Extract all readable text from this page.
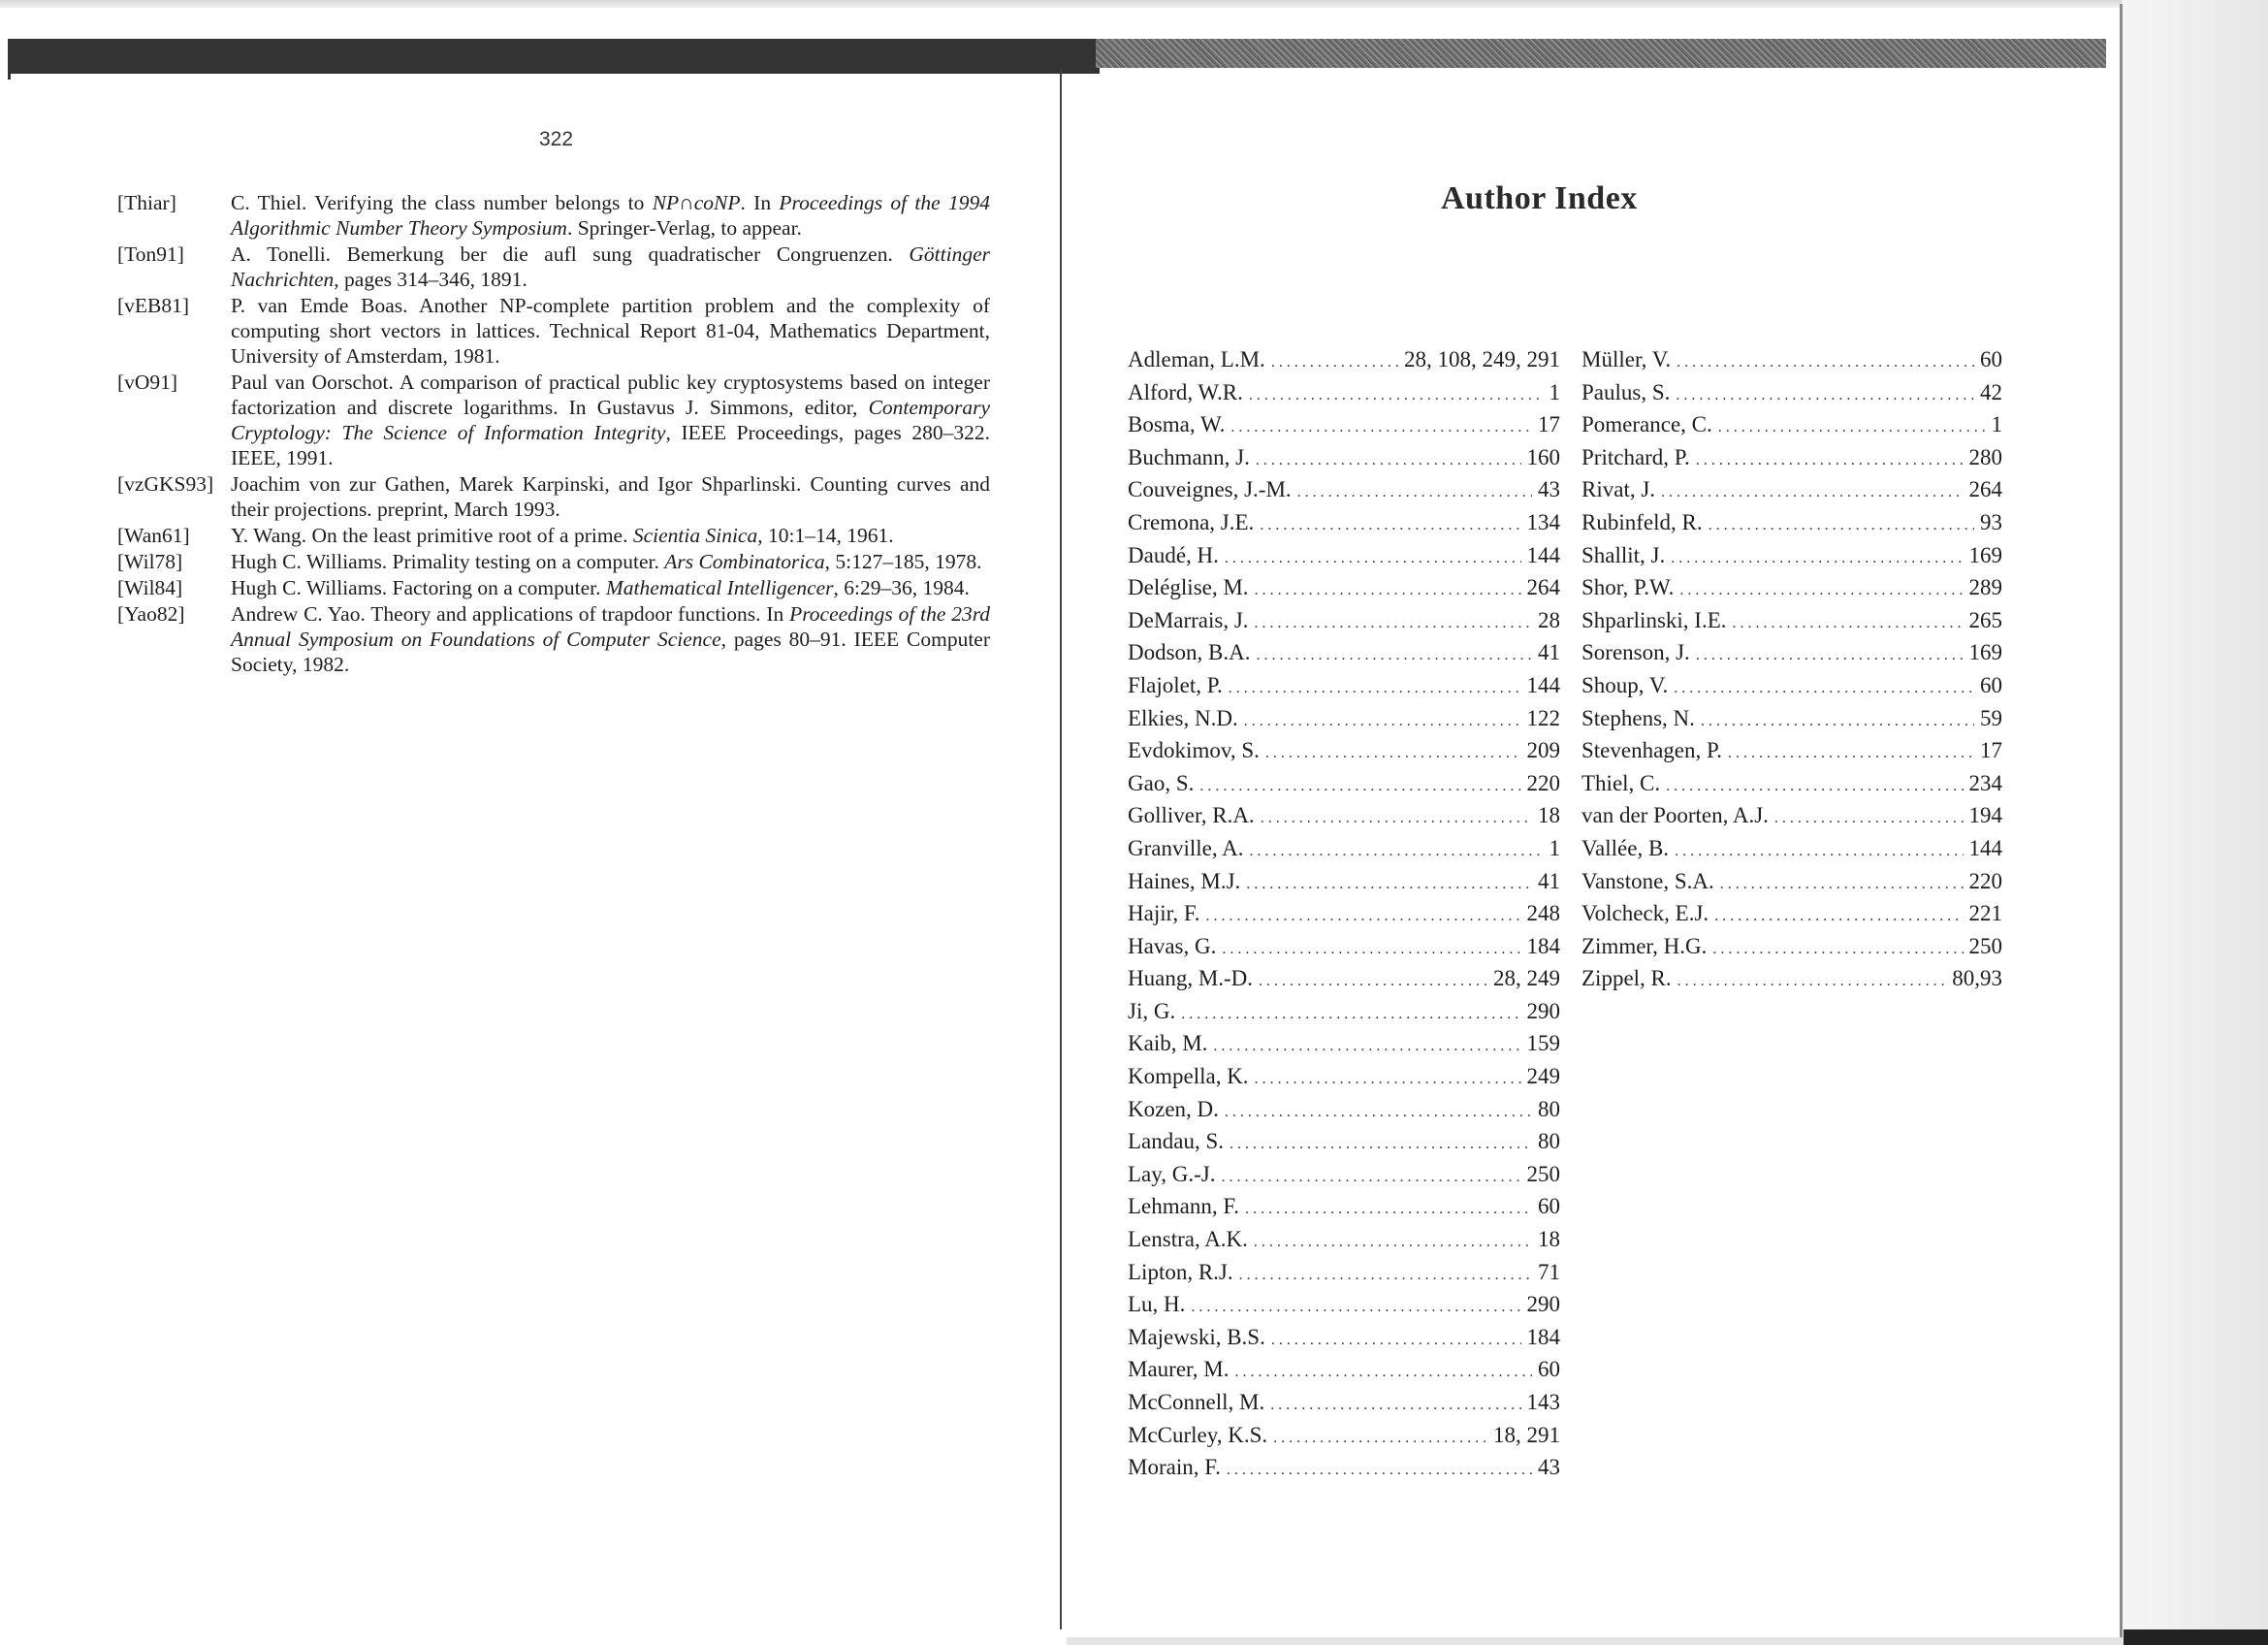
322
[Thiar]	C. Thiel. Verifying the class number belongs to NP∩coNP. In Proceedings of the 1994 Algorithmic Number Theory Symposium. Springer-Verlag, to appear.
[Ton91]	A. Tonelli. Bemerkung ber die aufl sung quadratischer Congruenzen. Göttinger Nachrichten, pages 314–346, 1891.
[vEB81]	P. van Emde Boas. Another NP-complete partition problem and the complexity of computing short vectors in lattices. Technical Report 81-04, Mathematics Department, University of Amsterdam, 1981.
[vO91]	Paul van Oorschot. A comparison of practical public key cryptosystems based on integer factorization and discrete logarithms. In Gustavus J. Simmons, editor, Contemporary Cryptology: The Science of Information Integrity, IEEE Proceedings, pages 280–322. IEEE, 1991.
[vzGKS93] Joachim von zur Gathen, Marek Karpinski, and Igor Shparlinski. Counting curves and their projections. preprint, March 1993.
[Wan61]	Y. Wang. On the least primitive root of a prime. Scientia Sinica, 10:1–14, 1961.
[Wil78]	Hugh C. Williams. Primality testing on a computer. Ars Combinatorica, 5:127–185, 1978.
[Wil84]	Hugh C. Williams. Factoring on a computer. Mathematical Intelligencer, 6:29–36, 1984.
[Yao82]	Andrew C. Yao. Theory and applications of trapdoor functions. In Proceedings of the 23rd Annual Symposium on Foundations of Computer Science, pages 80–91. IEEE Computer Society, 1982.
Author Index
Adleman, L.M. . . .	28, 108, 249, 291
Alford, W.R. . . .	1
Bosma, W. . . .	17
Buchmann, J. . . .	160
Couveignes, J.-M. . . .	43
Cremona, J.E. . . .	134
Daudé, H. . . .	144
Deléglise, M. . . .	264
DeMarrais, J. . . .	28
Dodson, B.A. . . .	41
Flajolet, P. . . .	144
Elkies, N.D. . . .	122
Evdokimov, S. . . .	209
Gao, S. . . .	220
Golliver, R.A. . . .	18
Granville, A. . . .	1
Haines, M.J. . . .	41
Hajir, F. . . .	248
Havas, G. . . .	184
Huang, M.-D. . . .	28, 249
Ji, G. . . .	290
Kaib, M. . . .	159
Kompella, K. . . .	249
Kozen, D. . . .	80
Landau, S. . . .	80
Lay, G.-J. . . .	250
Lehmann, F. . . .	60
Lenstra, A.K. . . .	18
Lipton, R.J. . . .	71
Lu, H. . . .	290
Majewski, B.S. . . .	184
Maurer, M. . . .	60
McConnell, M. . . .	143
McCurley, K.S. . . .	18, 291
Morain, F. . . .	43
Müller, V. . . .	60
Paulus, S. . . .	42
Pomerance, C. . . .	1
Pritchard, P. . . .	280
Rivat, J. . . .	264
Rubinfeld, R. . . .	93
Shallit, J. . . .	169
Shor, P.W. . . .	289
Shparlinski, I.E. . . .	265
Sorenson, J. . . .	169
Shoup, V. . . .	60
Stephens, N. . . .	59
Stevenhagen, P. . . .	17
Thiel, C. . . .	234
van der Poorten, A.J. . . .	194
Vallée, B. . . .	144
Vanstone, S.A. . . .	220
Volcheck, E.J. . . .	221
Zimmer, H.G. . . .	250
Zippel, R. . . .	80,93
